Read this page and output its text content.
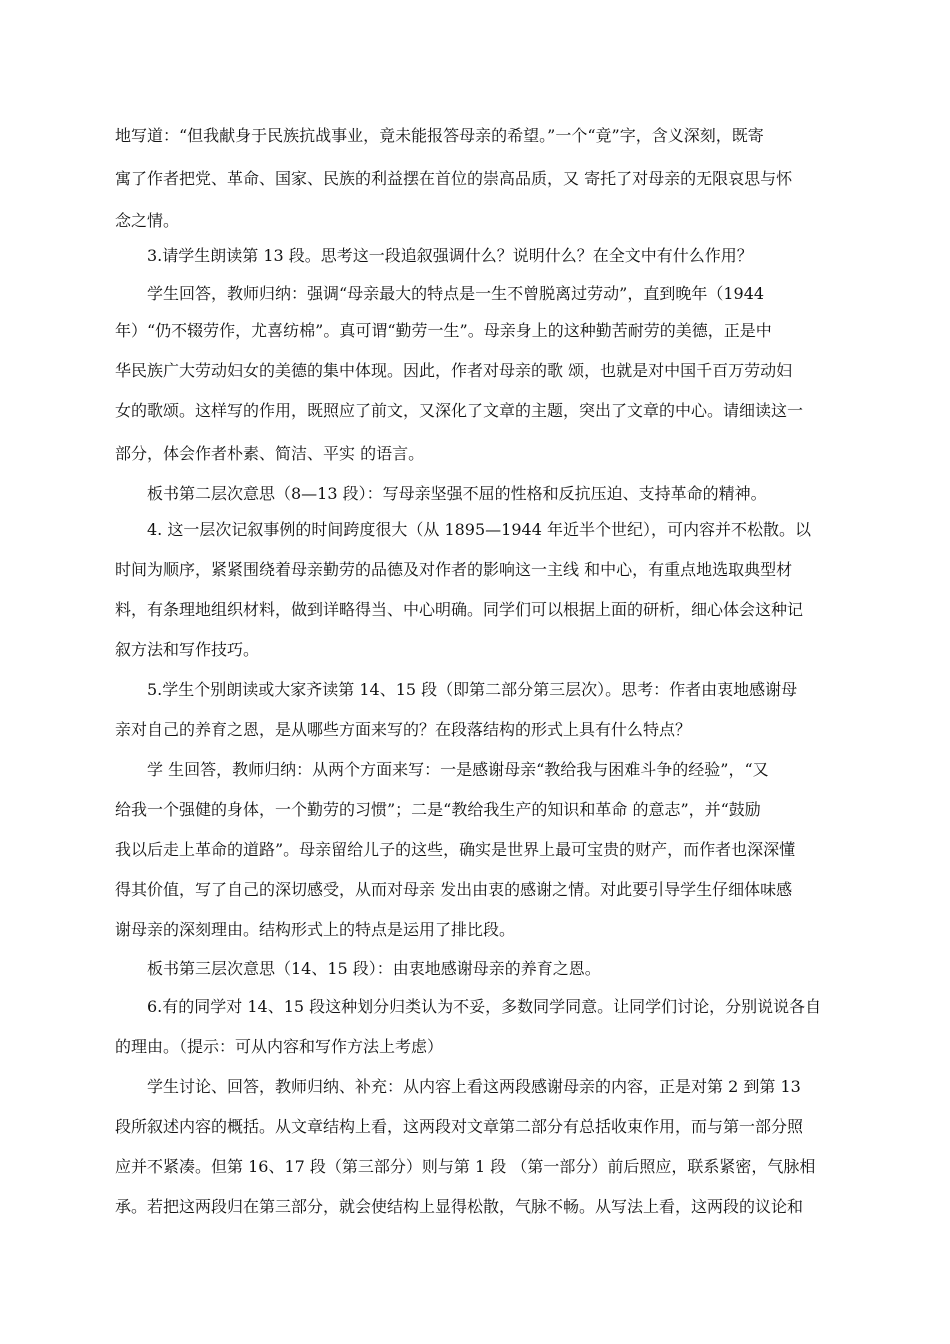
地写道：“但我献身于民族抗战事业，竟未能报答母亲的希望。”一个“竟”字，含义深刻，既寄
寓了作者把党、革命、国家、民族的利益摆在首位的崇高品质，又 寄托了对母亲的无限哀思与怀
念之情。
3.请学生朗读第 13 段。思考这一段追叙强调什么？说明什么？在全文中有什么作用？
学生回答，教师归纳：强调“母亲最大的特点是一生不曾脱离过劳动”，直到晚年（1944
年）“仍不辍劳作，尤喜纺棉”。真可谓“勤劳一生”。母亲身上的这种勤苦耐劳的美德，正是中
华民族广大劳动妇女的美德的集中体现。因此，作者对母亲的歌 颂，也就是对中国千百万劳动妇
女的歌颂。这样写的作用，既照应了前文，又深化了文章的主题，突出了文章的中心。请细读这一
部分，体会作者朴素、简洁、平实 的语言。
板书第二层次意思（8—13 段）：写母亲坚强不屈的性格和反抗压迫、支持革命的精神。
4. 这一层次记叙事例的时间跨度很大（从 1895—1944 年近半个世纪），可内容并不松散。以
时间为顺序，紧紧围绕着母亲勤劳的品德及对作者的影响这一主线 和中心，有重点地选取典型材
料，有条理地组织材料，做到详略得当、中心明确。同学们可以根据上面的研析，细心体会这种记
叙方法和写作技巧。
5.学生个别朗读或大家齐读第 14、15 段（即第二部分第三层次）。思考：作者由衷地感谢母
亲对自己的养育之恩，是从哪些方面来写的？在段落结构的形式上具有什么特点？
学 生回答，教师归纳：从两个方面来写：一是感谢母亲“教给我与困难斗争的经验”，“又
给我一个强健的身体，一个勤劳的习惯”；二是“教给我生产的知识和革命 的意志”，并“鼓励
我以后走上革命的道路”。母亲留给儿子的这些，确实是世界上最可宝贵的财产，而作者也深深懂
得其价值，写了自己的深切感受，从而对母亲 发出由衷的感谢之情。对此要引导学生仔细体味感
谢母亲的深刻理由。结构形式上的特点是运用了排比段。
板书第三层次意思（14、15 段）：由衷地感谢母亲的养育之恩。
6.有的同学对 14、15 段这种划分归类认为不妥，多数同学同意。让同学们讨论，分别说说各自
的理由。（提示：可从内容和写作方法上考虑）
学生讨论、回答，教师归纳、补充：从内容上看这两段感谢母亲的内容，正是对第 2 到第 13
段所叙述内容的概括。从文章结构上看，这两段对文章第二部分有总括收束作用，而与第一部分照
应并不紧凑。但第 16、17 段（第三部分）则与第 1 段 （第一部分）前后照应，联系紧密，气脉相
承。若把这两段归在第三部分，就会使结构上显得松散，气脉不畅。从写法上看，这两段的议论和
